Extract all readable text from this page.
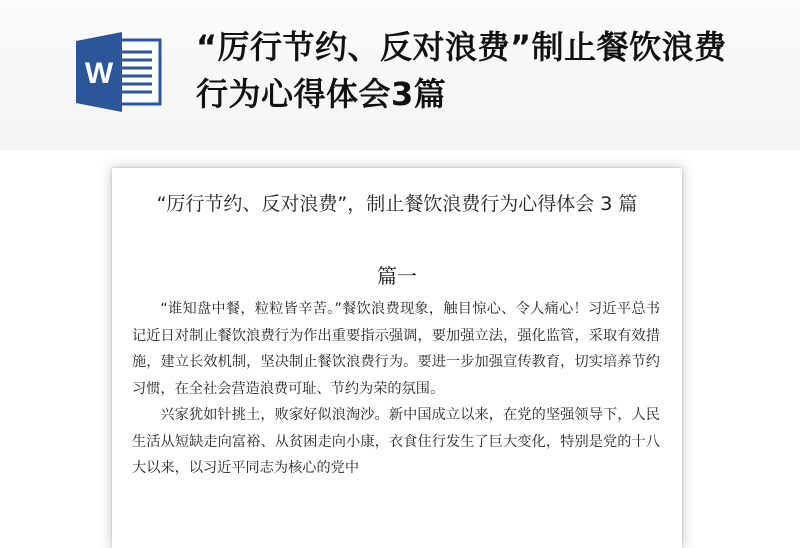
W
“厉行节约、反对浪费”制止餐饮浪费行为心得体会3篇
“厉行节约、反对浪费”，制止餐饮浪费行为心得体会 3 篇
篇一

“谁知盘中餐，粒粒皆辛苦。”餐饮浪费现象，触目惊心、令人痛心！习近平总书记近日对制止餐饮浪费行为作出重要指示强调，要加强立法，强化监管，采取有效措施，建立长效机制，坚决制止餐饮浪费行为。要进一步加强宣传教育，切实培养节约习惯，在全社会营造浪费可耻、节约为荣的氛围。

兴家犹如针挑土，败家好似浪淘沙。新中国成立以来，在党的坚强领导下，人民生活从短缺走向富裕、从贫困走向小康，衣食住行发生了巨大变化，特别是党的十八大以来，以习近平同志为核心的党中
